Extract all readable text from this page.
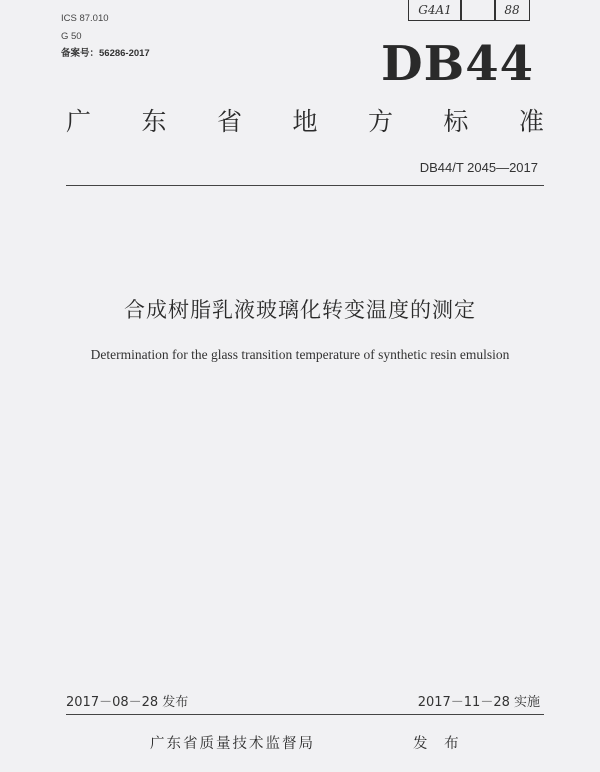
ICS 87.010
G 50
备案号：56286-2017
G4A1	88
DB44
广 东 省 地 方 标 准
DB44/T 2045—2017
合成树脂乳液玻璃化转变温度的测定
Determination for the glass transition temperature of synthetic resin emulsion
2017－08－28 发布	2017－11－28 实施
广东省质量技术监督局	发 布
